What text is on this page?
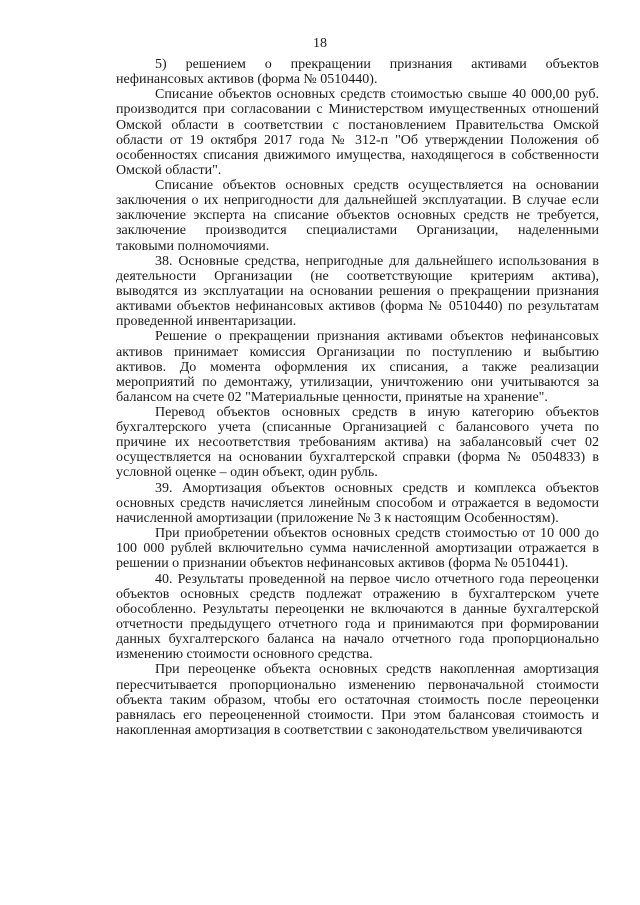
18
5) решением о прекращении признания активами объектов
нефинансовых активов (форма № 0510440).
Списание объектов основных средств стоимостью свыше 40 000,00 руб.
производится при согласовании с Министерством имущественных отношений
Омской области в соответствии с постановлением Правительства Омской
области от 19 октября 2017 года № 312-п "Об утверждении Положения об
особенностях списания движимого имущества, находящегося в собственности
Омской области".
Списание объектов основных средств осуществляется на основании
заключения о их непригодности для дальнейшей эксплуатации. В случае если
заключение эксперта на списание объектов основных средств не требуется,
заключение производится специалистами Организации, наделенными
таковыми полномочиями.
38. Основные средства, непригодные для дальнейшего использования в
деятельности Организации (не соответствующие критериям актива),
выводятся из эксплуатации на основании решения о прекращении признания
активами объектов нефинансовых активов (форма № 0510440) по результатам
проведенной инвентаризации.
Решение о прекращении признания активами объектов нефинансовых
активов принимает комиссия Организации по поступлению и выбытию
активов. До момента оформления их списания, а также реализации
мероприятий по демонтажу, утилизации, уничтожению они учитываются за
балансом на счете 02 "Материальные ценности, принятые на хранение".
Перевод объектов основных средств в иную категорию объектов
бухгалтерского учета (списанные Организацией с балансового учета по
причине их несоответствия требованиям актива) на забалансовый счет 02
осуществляется на основании бухгалтерской справки (форма № 0504833) в
условной оценке – один объект, один рубль.
39. Амортизация объектов основных средств и комплекса объектов
основных средств начисляется линейным способом и отражается в ведомости
начисленной амортизации (приложение № 3 к настоящим Особенностям).
При приобретении объектов основных средств стоимостью от 10 000 до
100 000 рублей включительно сумма начисленной амортизации отражается в
решении о признании объектов нефинансовых активов (форма № 0510441).
40. Результаты проведенной на первое число отчетного года переоценки
объектов основных средств подлежат отражению в бухгалтерском учете
обособленно. Результаты переоценки не включаются в данные бухгалтерской
отчетности предыдущего отчетного года и принимаются при формировании
данных бухгалтерского баланса на начало отчетного года пропорционально
изменению стоимости основного средства.
При переоценке объекта основных средств накопленная амортизация
пересчитывается пропорционально изменению первоначальной стоимости
объекта таким образом, чтобы его остаточная стоимость после переоценки
равнялась его переоцененной стоимости. При этом балансовая стоимость и
накопленная амортизация в соответствии с законодательством увеличиваются
